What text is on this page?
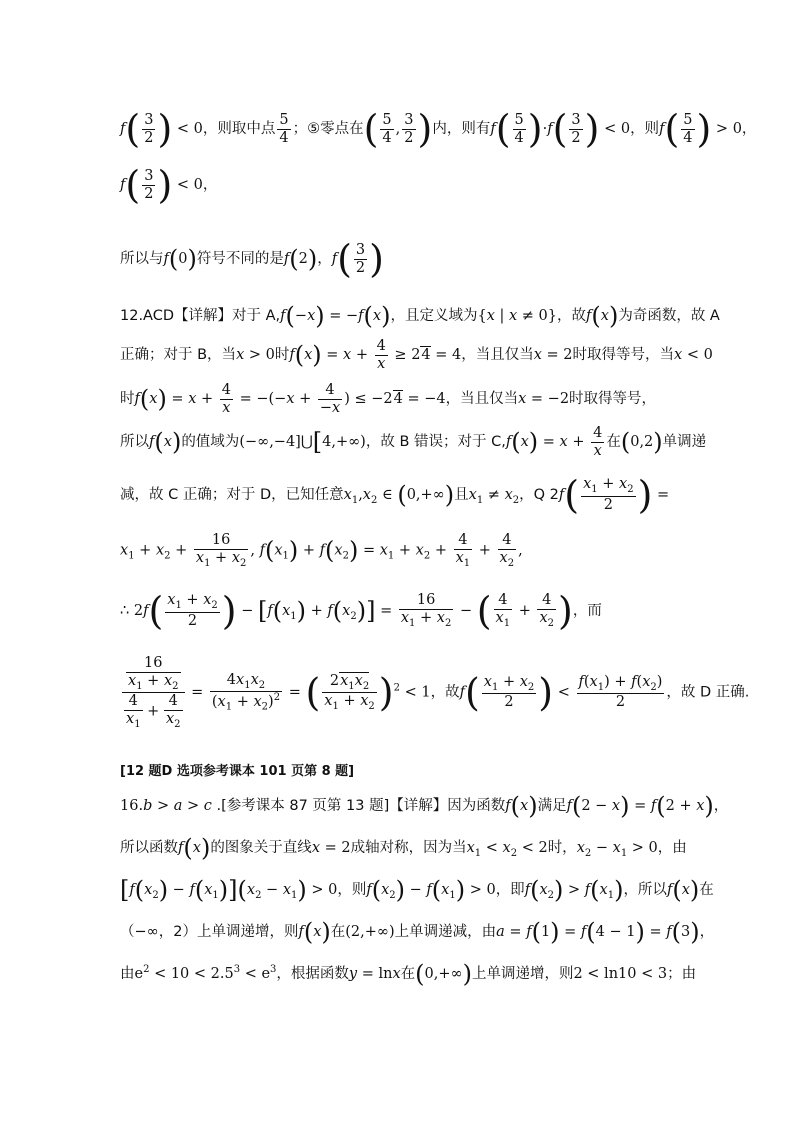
$f( \frac{3}{2}$ ) < 0，则取中点 $\frac{5}{4}$ ；⑤零点在( $\frac{5}{4}$ , $\frac{3}{2}$ )内，则有$f( \frac{5}{4} )\cdot f( \frac{3}{2}$ ) < 0，则$f( \frac{5}{4}$ ) > 0，
$f( \frac{3}{2}$ ) < 0，
所以与f(0)符号不同的是f(2)，$f( \frac{3}{2}$ )
12.ACD【详解】对于 A,f(−x) = −f(x)，且定义域为{x | x ≠ 0}，故f(x)为奇函数，故 A
正确；对于 B，当x > 0时$f(x) = x + \frac{4}{x} \ge 24 = 4$，当且仅当x = 2时取得等号，当x < 0
时$f(x) = x + \frac{4}{x} = -(-x + \frac{4}{-x}$ ) ≤ −24 = −4，当且仅当x = −2时取得等号，
所以f(x)的值域为(−∞,−4]⋃[4,+∞)，故 B 错误；对于 $C,f(x) = x + \frac{4}{x}$ 在(0,2)单调递
减，故 C 正确；对于 D，已知任意$x_1,x_2$ ∈ (0,+∞)且$x_1 \ne x_2$，Q $2f( \frac{x_1 + x_2}{2}$ ) =
$x_1 + x_2 + \frac{16}{x_1 + x_2}$ , $f(x_1) + f(x_2) = x_1 + x_2 + \frac{4}{x_1} + \frac{4}{x_2}$ ,
∴ $2f( \frac{x_1 + x_2}{2}$ ) − $[f(x_1) + f(x_2)] = \frac{16}{x_1 + x_2}$ − ( $\frac{4}{x_1} + \frac{4}{x_2}$ )，而
$\frac{\frac{16}{x_1 + x_2}}{\frac{4}{x_1} + \frac{4}{x_2}} = \frac{4x_1x_2}{(x_1 + x_2)^2}$ = ( $\frac{2x_1x_2}{x_1 + x_2} )^2 < 1$，故$f( \frac{x_1 + x_2}{2}$ ) < $\frac{f(x_1) + f(x_2)}{2}$ ，故 D 正确.
[12 题D 选项参考课本 101 页第 8 题]
16.b > a > c .[参考课本 87 页第 13 题]【详解】因为函数f(x)满足f(2 − x) = f(2 + x)，
所以函数f(x)的图象关于直线x = 2成轴对称，因为当$x_1 < x_2 < 2$时，$x_2 - x_1 > 0$，由
$[f(x_2) - f(x_1)](x_2 - x_1) > 0$，则$f(x_2) - f(x_1) > 0$，即$f(x_2) > f(x_1)$，所以f(x)在
（−∞，2）上单调递增，则f(x)在(2,+∞)上单调递减，由a = f(1) = f(4 − 1) = f(3)，
由$e^2 < 10 < 2.5^3 < e^3$，根据函数y = lnx在(0,+∞)上单调递增，则2 < ln10 < 3；由
